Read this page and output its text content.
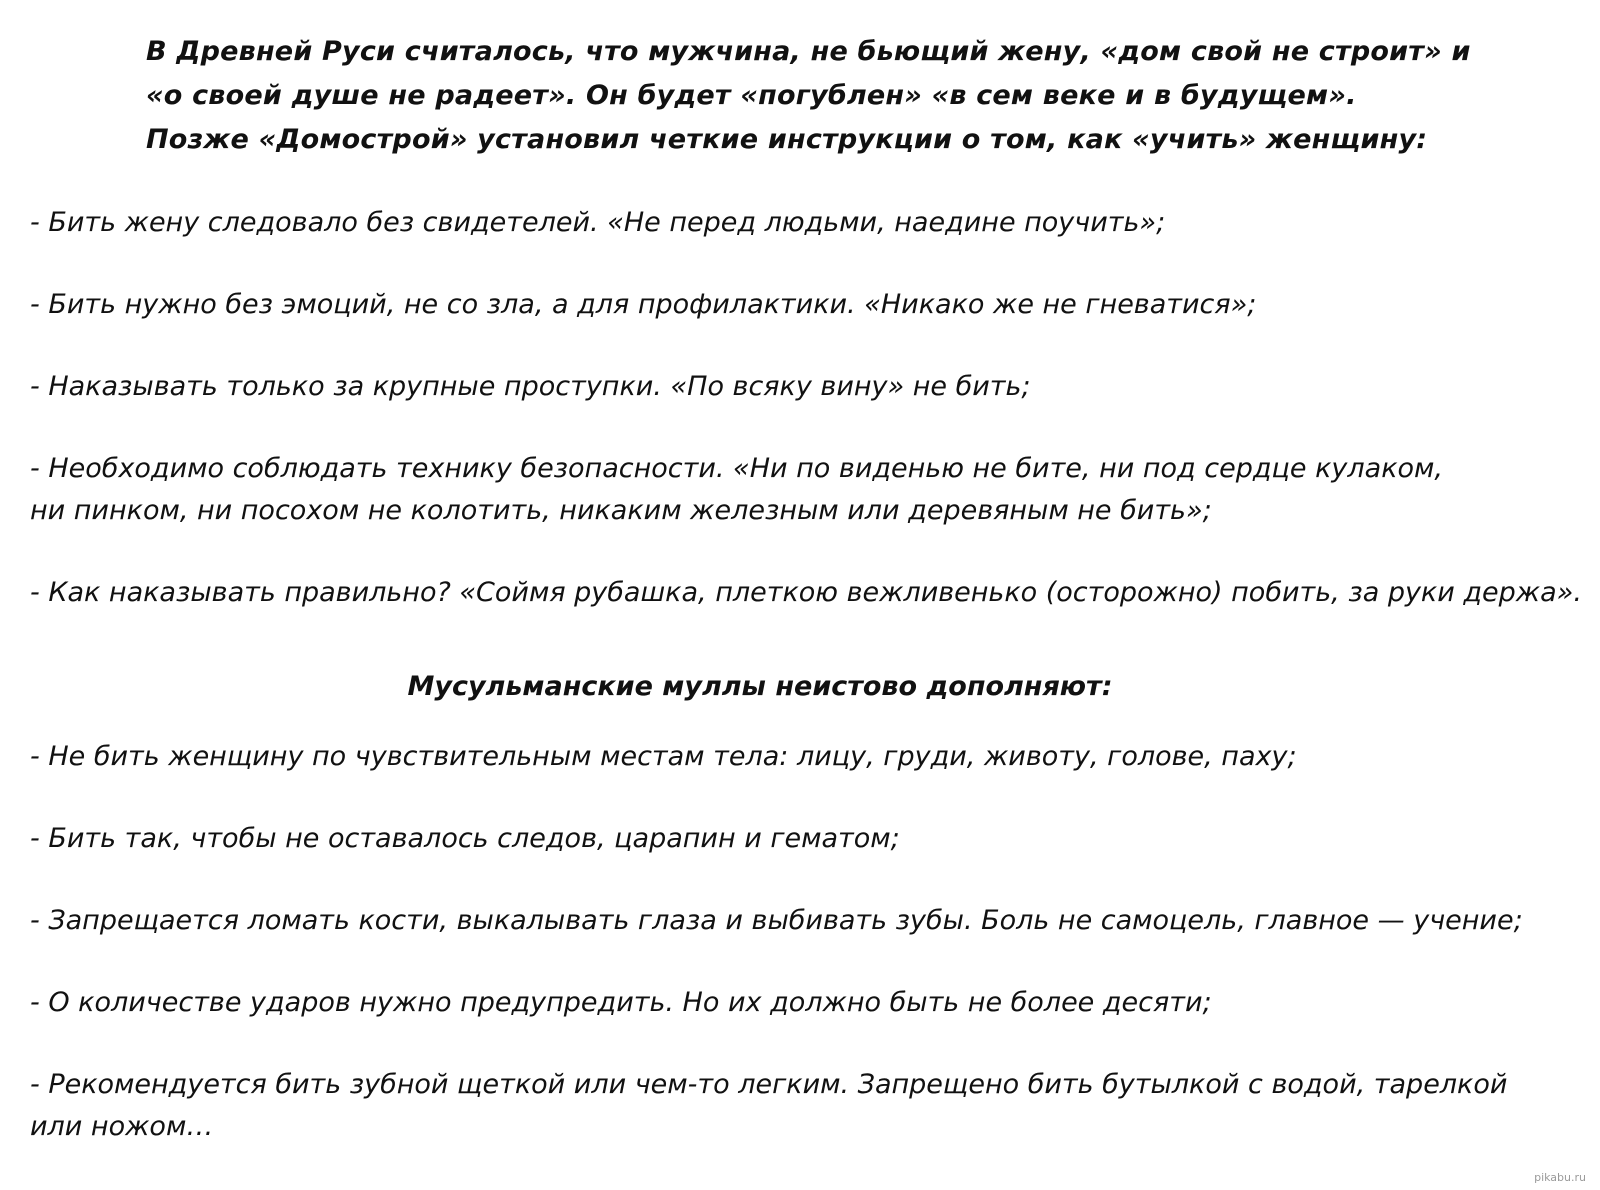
В Древней Руси считалось, что мужчина, не бьющий жену, «дом свой не строит» и
«о своей душе не радеет». Он будет «погублен» «в сем веке и в будущем».
Позже «Домострой» установил четкие инструкции о том, как «учить» женщину:
- Бить жену следовало без свидетелей. «Не перед людьми, наедине поучить»;
- Бить нужно без эмоций, не со зла, а для профилактики. «Никако же не гневатися»;
- Наказывать только за крупные проступки. «По всяку вину» не бить;
- Необходимо соблюдать технику безопасности. «Ни по виденью не бите, ни под сердце кулаком,
ни пинком, ни посохом не колотить, никаким железным или деревяным не бить»;
- Как наказывать правильно? «Соймя рубашка, плеткою вежливенько (осторожно) побить, за руки держа».
Мусульманские муллы неистово дополняют:
- Не бить женщину по чувствительным местам тела: лицу, груди, животу, голове, паху;
- Бить так, чтобы не оставалось следов, царапин и гематом;
- Запрещается ломать кости, выкалывать глаза и выбивать зубы. Боль не самоцель, главное — учение;
- О количестве ударов нужно предупредить. Но их должно быть не более десяти;
- Рекомендуется бить зубной щеткой или чем-то легким. Запрещено бить бутылкой с водой, тарелкой
или ножом…
pikabu.ru
